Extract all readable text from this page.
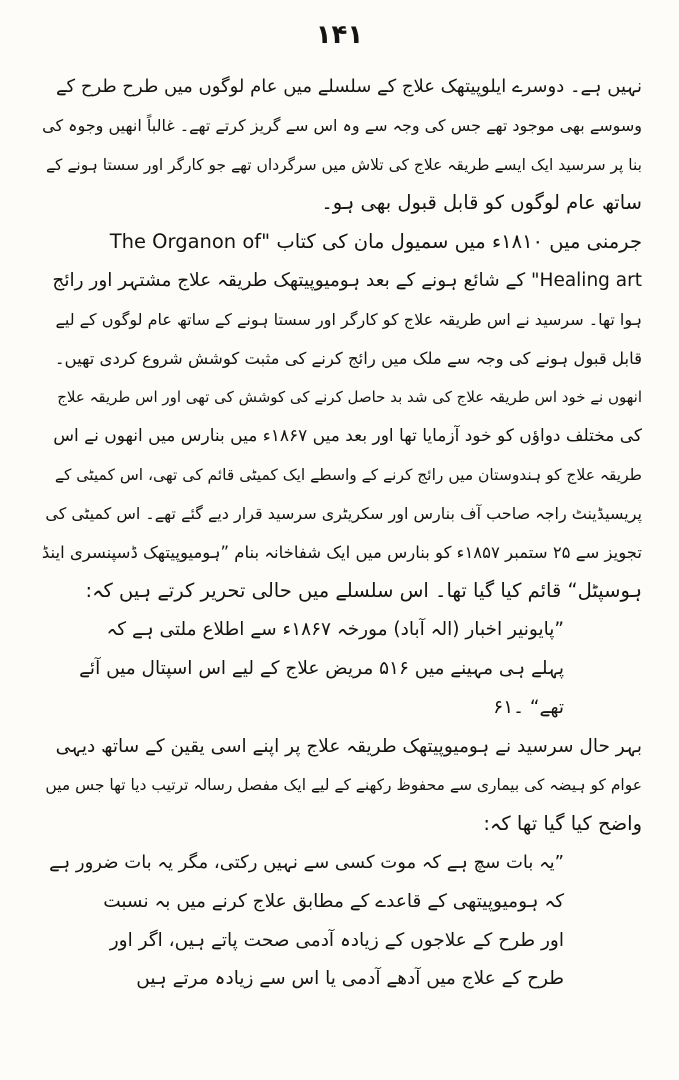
۱۴۱
نہیں ہے۔ دوسرے ایلوپیتھک علاج کے سلسلے میں عام لوگوں میں طرح طرح کے
وسوسے بھی موجود تھے جس کی وجہ سے وہ اس سے گریز کرتے تھے۔ غالباً انھیں وجوہ کی
بنا پر سرسید ایک ایسے طریقہ علاج کی تلاش میں سرگرداں تھے جو کارگر اور سستا ہونے کے
ساتھ عام لوگوں کو قابل قبول بھی ہو۔
جرمنی میں ۱۸۱۰ء میں سمیول مان کی کتاب "The Organon of
Healing art" کے شائع ہونے کے بعد ہومیوپیتھک طریقہ علاج مشتہر اور رائج
ہوا تھا۔ سرسید نے اس طریقہ علاج کو کارگر اور سستا ہونے کے ساتھ عام لوگوں کے لیے
قابل قبول ہونے کی وجہ سے ملک میں رائج کرنے کی مثبت کوشش شروع کردی تھیں۔
انھوں نے خود اس طریقہ علاج کی شد بد حاصل کرنے کی کوشش کی تھی اور اس طریقہ علاج
کی مختلف دواؤں کو خود آزمایا تھا اور بعد میں ۱۸۶۷ء میں بنارس میں انھوں نے اس
طریقہ علاج کو ہندوستان میں رائج کرنے کے واسطے ایک کمیٹی قائم کی تھی، اس کمیٹی کے
پریسیڈینٹ راجہ صاحب آف بنارس اور سکریٹری سرسید قرار دیے گئے تھے۔ اس کمیٹی کی
تجویز سے ۲۵ ستمبر ۱۸۵۷ء کو بنارس میں ایک شفاخانہ بنام ”ہومیوپیتھک ڈسپنسری اینڈ
ہوسپٹل“ قائم کیا گیا تھا۔ اس سلسلے میں حالی تحریر کرتے ہیں کہ:
”پایونیر اخبار (الہ آباد) مورخہ ۱۸۶۷ء سے اطلاع ملتی ہے کہ
پہلے ہی مہینے میں ۵۱۶ مریض علاج کے لیے اس اسپتال میں آئے
تھے“ ۔۶۱
بہر حال سرسید نے ہومیوپیتھک طریقہ علاج پر اپنے اسی یقین کے ساتھ دیہی
عوام کو ہیضہ کی بیماری سے محفوظ رکھنے کے لیے ایک مفصل رسالہ ترتیب دیا تھا جس میں
واضح کیا گیا تھا کہ:
”یہ بات سچ ہے کہ موت کسی سے نہیں رکتی، مگر یہ بات ضرور ہے
کہ ہومیوپیتھی کے قاعدے کے مطابق علاج کرنے میں بہ نسبت
اور طرح کے علاجوں کے زیادہ آدمی صحت پاتے ہیں، اگر اور
طرح کے علاج میں آدھے آدمی یا اس سے زیادہ مرتے ہیں
